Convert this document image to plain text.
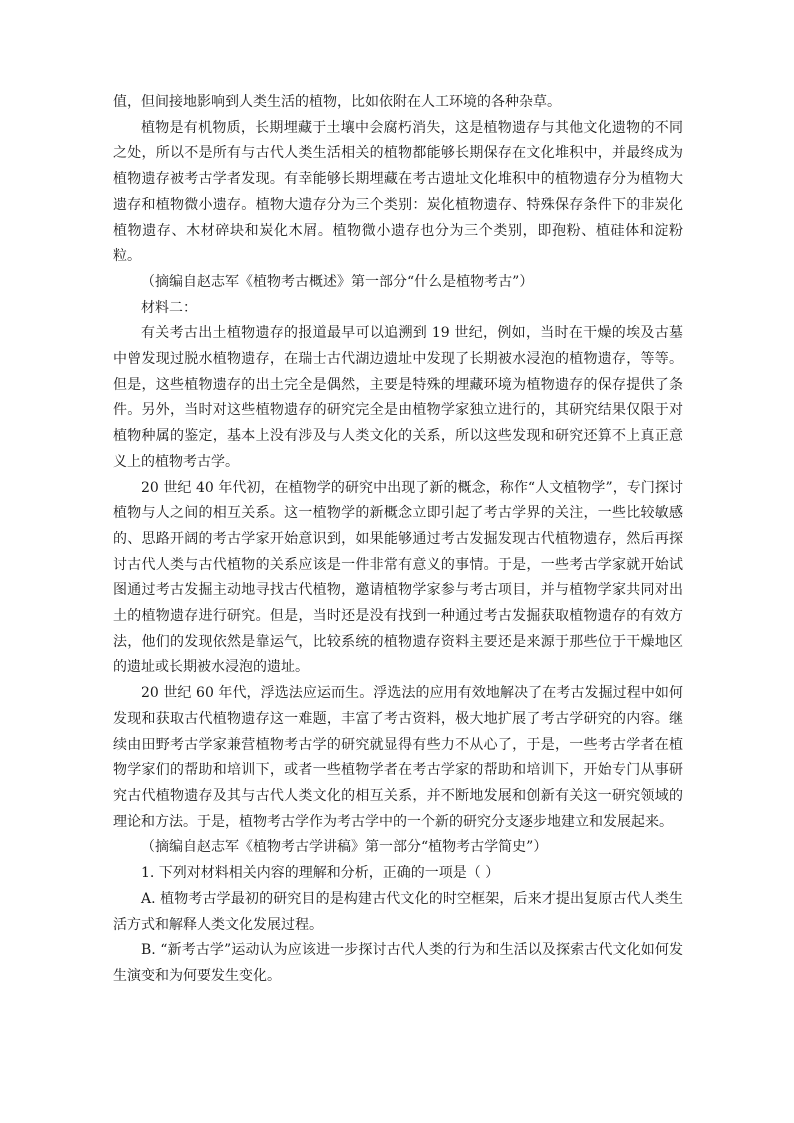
值，但间接地影响到人类生活的植物，比如依附在人工环境的各种杂草。

植物是有机物质，长期埋藏于土壤中会腐朽消失，这是植物遗存与其他文化遗物的不同之处，所以不是所有与古代人类生活相关的植物都能够长期保存在文化堆积中，并最终成为植物遗存被考古学者发现。有幸能够长期埋藏在考古遗址文化堆积中的植物遗存分为植物大遗存和植物微小遗存。植物大遗存分为三个类别：炭化植物遗存、特殊保存条件下的非炭化植物遗存、木材碎块和炭化木屑。植物微小遗存也分为三个类别，即孢粉、植硅体和淀粉粒。

（摘编自赵志军《植物考古概述》第一部分“什么是植物考古”）

材料二：

有关考古出土植物遗存的报道最早可以追溯到 19 世纪，例如，当时在干燥的埃及古墓中曾发现过脱水植物遗存，在瑞士古代湖边遗址中发现了长期被水浸泡的植物遗存，等等。但是，这些植物遗存的出土完全是偶然，主要是特殊的埋藏环境为植物遗存的保存提供了条件。另外，当时对这些植物遗存的研究完全是由植物学家独立进行的，其研究结果仅限于对植物种属的鉴定，基本上没有涉及与人类文化的关系，所以这些发现和研究还算不上真正意义上的植物考古学。

20 世纪 40 年代初，在植物学的研究中出现了新的概念，称作“人文植物学”，专门探讨植物与人之间的相互关系。这一植物学的新概念立即引起了考古学界的关注，一些比较敏感的、思路开阔的考古学家开始意识到，如果能够通过考古发掘发现古代植物遗存，然后再探讨古代人类与古代植物的关系应该是一件非常有意义的事情。于是，一些考古学家就开始试图通过考古发掘主动地寻找古代植物，邀请植物学家参与考古项目，并与植物学家共同对出土的植物遗存进行研究。但是，当时还是没有找到一种通过考古发掘获取植物遗存的有效方法，他们的发现依然是靠运气，比较系统的植物遗存资料主要还是来源于那些位于干燥地区的遗址或长期被水浸泡的遗址。

20 世纪 60 年代，浮选法应运而生。浮选法的应用有效地解决了在考古发掘过程中如何发现和获取古代植物遗存这一难题，丰富了考古资料，极大地扩展了考古学研究的内容。继续由田野考古学家兼营植物考古学的研究就显得有些力不从心了，于是，一些考古学者在植物学家们的帮助和培训下，或者一些植物学者在考古学家的帮助和培训下，开始专门从事研究古代植物遗存及其与古代人类文化的相互关系，并不断地发展和创新有关这一研究领域的理论和方法。于是，植物考古学作为考古学中的一个新的研究分支逐步地建立和发展起来。

（摘编自赵志军《植物考古学讲稿》第一部分“植物考古学简史”）

1. 下列对材料相关内容的理解和分析，正确的一项是（ ）

A. 植物考古学最初的研究目的是构建古代文化的时空框架，后来才提出复原古代人类生活方式和解释人类文化发展过程。

B. “新考古学”运动认为应该进一步探讨古代人类的行为和生活以及探索古代文化如何发生演变和为何要发生变化。
